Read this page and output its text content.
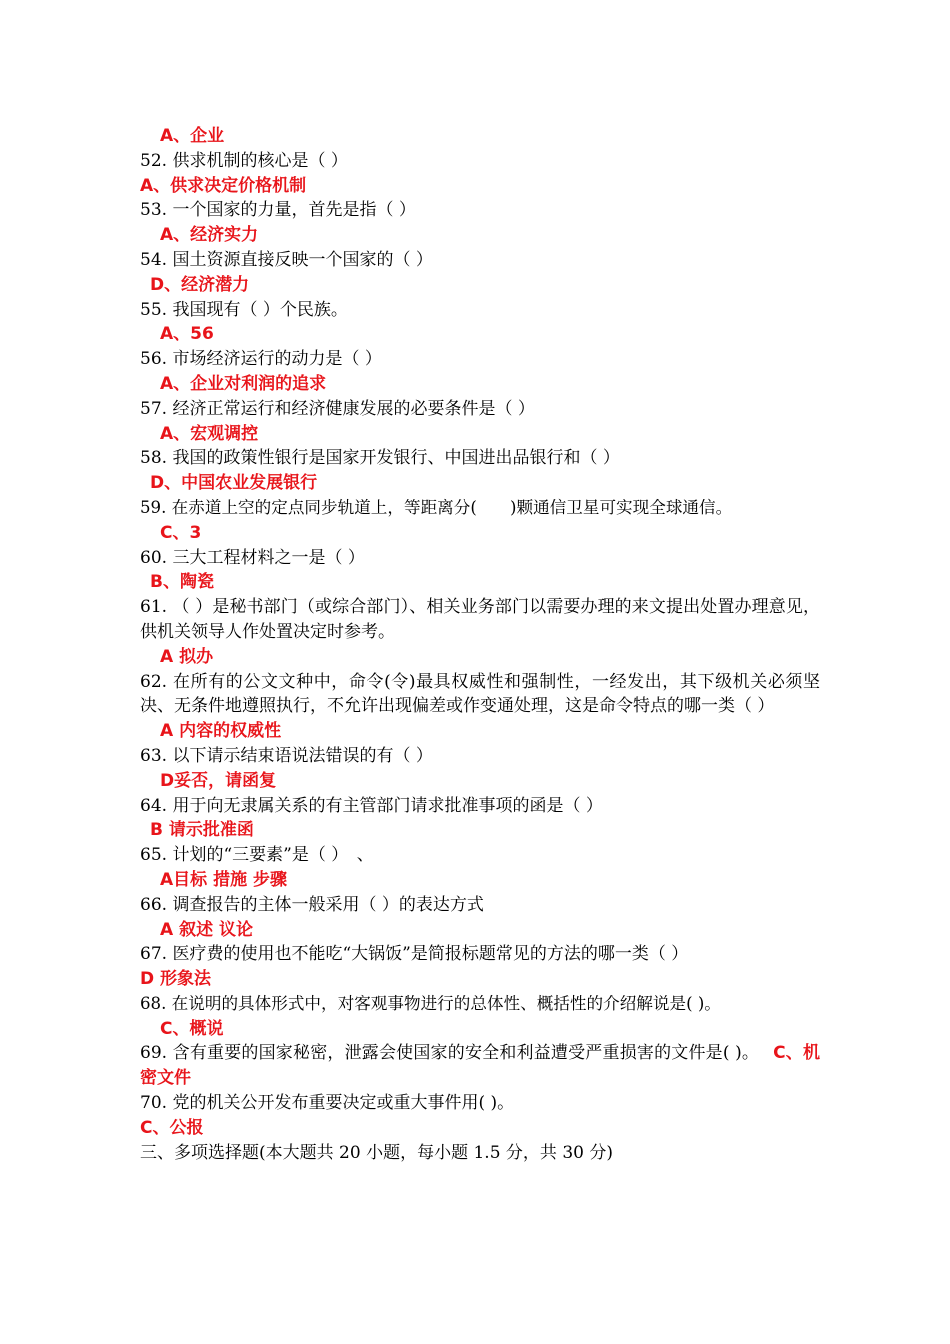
A、企业
52. 供求机制的核心是（ ）
A、供求决定价格机制
53. 一个国家的力量，首先是指（ ）
A、经济实力
54. 国土资源直接反映一个国家的（ ）
D、经济潜力
55. 我国现有（ ）个民族。
A、56
56. 市场经济运行的动力是（ ）
A、企业对利润的追求
57. 经济正常运行和经济健康发展的必要条件是（ ）
A、宏观调控
58. 我国的政策性银行是国家开发银行、中国进出品银行和（ ）
D、中国农业发展银行
59. 在赤道上空的定点同步轨道上，等距离分(　　)颗通信卫星可实现全球通信。
C、3
60. 三大工程材料之一是（ ）
B、陶瓷
61. （ ）是秘书部门（或综合部门）、相关业务部门以需要办理的来文提出处置办理意见，供机关领导人作处置决定时参考。
A 拟办
62. 在所有的公文文种中，命令(令)最具权威性和强制性，一经发出，其下级机关必须坚决、无条件地遵照执行，不允许出现偏差或作变通处理，这是命令特点的哪一类（ ）
A 内容的权威性
63. 以下请示结束语说法错误的有（ ）
D妥否，请函复
64. 用于向无隶属关系的有主管部门请求批准事项的函是（ ）
B 请示批准函
65. 计划的“三要素”是（ ）　、
A目标 措施 步骤
66. 调查报告的主体一般采用（ ）的表达方式
A 叙述 议论
67. 医疗费的使用也不能吃“大锅饭”是简报标题常见的方法的哪一类（ ）
D 形象法
68. 在说明的具体形式中，对客观事物进行的总体性、概括性的介绍解说是( )。
C、概说
69. 含有重要的国家秘密，泄露会使国家的安全和利益遭受严重损害的文件是( )。 C、机密文件
70. 党的机关公开发布重要决定或重大事件用( )。
C、公报
三、多项选择题(本大题共 20 小题，每小题 1.5 分，共 30 分)
